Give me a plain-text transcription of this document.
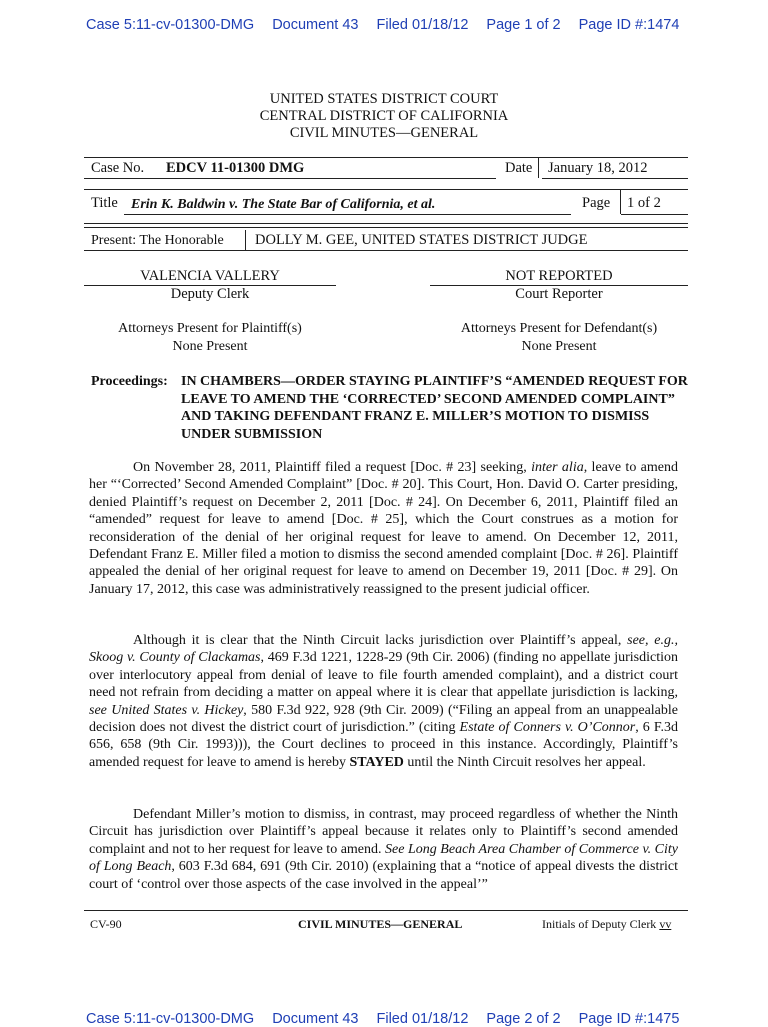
Case 5:11-cv-01300-DMG Document 43 Filed 01/18/12 Page 1 of 2 Page ID #:1474
UNITED STATES DISTRICT COURT
CENTRAL DISTRICT OF CALIFORNIA
CIVIL MINUTES—GENERAL
Case No. EDCV 11-01300 DMG	Date January 18, 2012
Title Erin K. Baldwin v. The State Bar of California, et al.	Page 1 of 2
Present: The Honorable DOLLY M. GEE, UNITED STATES DISTRICT JUDGE
VALENCIA VALLERY
Deputy Clerk
NOT REPORTED
Court Reporter
Attorneys Present for Plaintiff(s)
None Present
Attorneys Present for Defendant(s)
None Present
Proceedings: IN CHAMBERS—ORDER STAYING PLAINTIFF’S “AMENDED REQUEST FOR LEAVE TO AMEND THE ‘CORRECTED’ SECOND AMENDED COMPLAINT” AND TAKING DEFENDANT FRANZ E. MILLER’S MOTION TO DISMISS UNDER SUBMISSION

On November 28, 2011, Plaintiff filed a request [Doc. # 23] seeking, inter alia, leave to amend her “‘Corrected’ Second Amended Complaint” [Doc. # 20]. This Court, Hon. David O. Carter presiding, denied Plaintiff’s request on December 2, 2011 [Doc. # 24]. On December 6, 2011, Plaintiff filed an “amended” request for leave to amend [Doc. # 25], which the Court construes as a motion for reconsideration of the denial of her original request for leave to amend. On December 12, 2011, Defendant Franz E. Miller filed a motion to dismiss the second amended complaint [Doc. # 26]. Plaintiff appealed the denial of her original request for leave to amend on December 19, 2011 [Doc. # 29]. On January 17, 2012, this case was administratively reassigned to the present judicial officer.

Although it is clear that the Ninth Circuit lacks jurisdiction over Plaintiff’s appeal, see, e.g., Skoog v. County of Clackamas, 469 F.3d 1221, 1228-29 (9th Cir. 2006) (finding no appellate jurisdiction over interlocutory appeal from denial of leave to file fourth amended complaint), and a district court need not refrain from deciding a matter on appeal where it is clear that appellate jurisdiction is lacking, see United States v. Hickey, 580 F.3d 922, 928 (9th Cir. 2009) (“Filing an appeal from an unappealable decision does not divest the district court of jurisdiction.” (citing Estate of Conners v. O’Connor, 6 F.3d 656, 658 (9th Cir. 1993))), the Court declines to proceed in this instance. Accordingly, Plaintiff’s amended request for leave to amend is hereby STAYED until the Ninth Circuit resolves her appeal.

Defendant Miller’s motion to dismiss, in contrast, may proceed regardless of whether the Ninth Circuit has jurisdiction over Plaintiff’s appeal because it relates only to Plaintiff’s second amended complaint and not to her request for leave to amend. See Long Beach Area Chamber of Commerce v. City of Long Beach, 603 F.3d 684, 691 (9th Cir. 2010) (explaining that a “notice of appeal divests the district court of ‘control over those aspects of the case involved in the appeal’”

CV-90	CIVIL MINUTES—GENERAL	Initials of Deputy Clerk vv
Case 5:11-cv-01300-DMG Document 43 Filed 01/18/12 Page 2 of 2 Page ID #:1475
